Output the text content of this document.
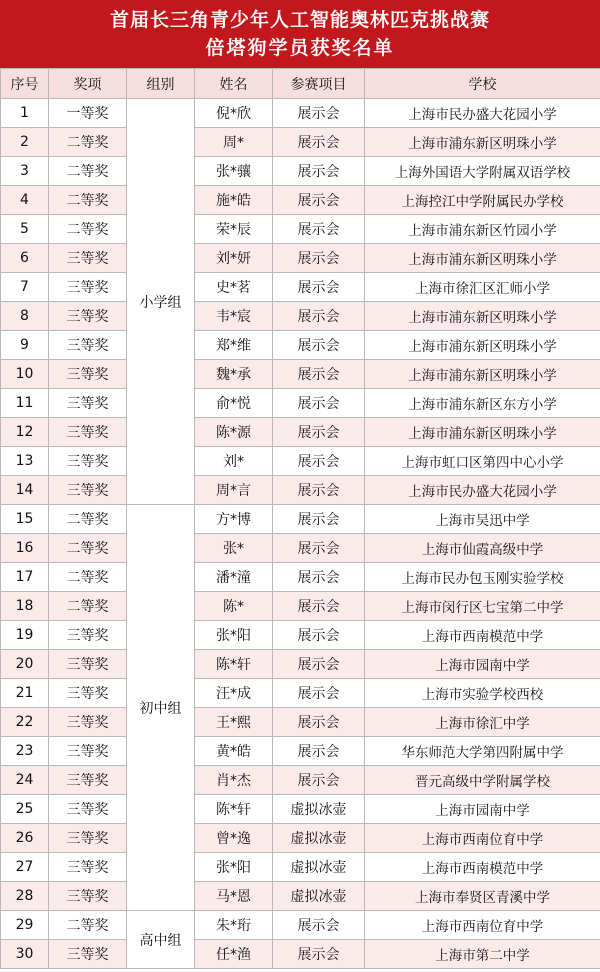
首届长三角青少年人工智能奥林匹克挑战赛
倍塔狗学员获奖名单
序号	奖项	组别	姓名	参赛项目	学校
1	一等奖	小学组	倪*欣	展示会	上海市民办盛大花园小学
2	二等奖		周*	展示会	上海市浦东新区明珠小学
3	二等奖		张*骧	展示会	上海外国语大学附属双语学校
4	二等奖		施*皓	展示会	上海控江中学附属民办学校
5	二等奖		荣*辰	展示会	上海市浦东新区竹园小学
6	三等奖		刘*妍	展示会	上海市浦东新区明珠小学
7	三等奖		史*茗	展示会	上海市徐汇区汇师小学
8	三等奖		韦*宸	展示会	上海市浦东新区明珠小学
9	三等奖		郑*维	展示会	上海市浦东新区明珠小学
10	三等奖		魏*承	展示会	上海市浦东新区明珠小学
11	三等奖		俞*悦	展示会	上海市浦东新区东方小学
12	三等奖		陈*源	展示会	上海市浦东新区明珠小学
13	三等奖		刘*	展示会	上海市虹口区第四中心小学
14	三等奖		周*言	展示会	上海市民办盛大花园小学
15	二等奖	初中组	方*博	展示会	上海市吴迅中学
16	二等奖		张*	展示会	上海市仙霞高级中学
17	二等奖		潘*潼	展示会	上海市民办包玉刚实验学校
18	二等奖		陈*	展示会	上海市闵行区七宝第二中学
19	三等奖		张*阳	展示会	上海市西南模范中学
20	三等奖		陈*轩	展示会	上海市园南中学
21	三等奖		汪*成	展示会	上海市实验学校西校
22	三等奖		王*熙	展示会	上海市徐汇中学
23	三等奖		黄*皓	展示会	华东师范大学第四附属中学
24	三等奖		肖*杰	展示会	晋元高级中学附属学校
25	三等奖		陈*轩	虚拟冰壶	上海市园南中学
26	三等奖		曾*逸	虚拟冰壶	上海市西南位育中学
27	三等奖		张*阳	虚拟冰壶	上海市西南模范中学
28	三等奖		马*恩	虚拟冰壶	上海市奉贤区青溪中学
29	二等奖	高中组	朱*珩	展示会	上海市西南位育中学
30	三等奖		任*渔	展示会	上海市第二中学
